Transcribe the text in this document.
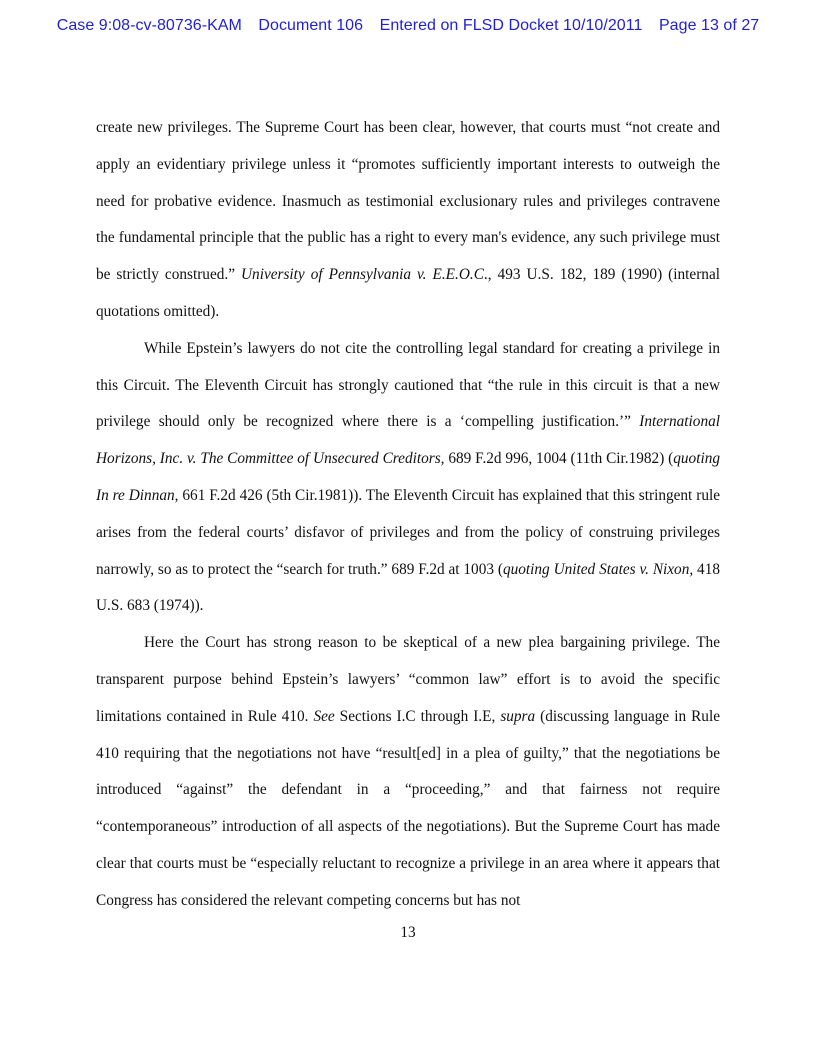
Case 9:08-cv-80736-KAM Document 106 Entered on FLSD Docket 10/10/2011 Page 13 of 27

create new privileges. The Supreme Court has been clear, however, that courts must “not create and apply an evidentiary privilege unless it “promotes sufficiently important interests to outweigh the need for probative evidence. Inasmuch as testimonial exclusionary rules and privileges contravene the fundamental principle that the public has a right to every man's evidence, any such privilege must be strictly construed.” University of Pennsylvania v. E.E.O.C., 493 U.S. 182, 189 (1990) (internal quotations omitted).

While Epstein’s lawyers do not cite the controlling legal standard for creating a privilege in this Circuit. The Eleventh Circuit has strongly cautioned that “the rule in this circuit is that a new privilege should only be recognized where there is a ‘compelling justification.’” International Horizons, Inc. v. The Committee of Unsecured Creditors, 689 F.2d 996, 1004 (11th Cir.1982) (quoting In re Dinnan, 661 F.2d 426 (5th Cir.1981)). The Eleventh Circuit has explained that this stringent rule arises from the federal courts’ disfavor of privileges and from the policy of construing privileges narrowly, so as to protect the “search for truth.” 689 F.2d at 1003 (quoting United States v. Nixon, 418 U.S. 683 (1974)).

Here the Court has strong reason to be skeptical of a new plea bargaining privilege. The transparent purpose behind Epstein’s lawyers’ “common law” effort is to avoid the specific limitations contained in Rule 410. See Sections I.C through I.E, supra (discussing language in Rule 410 requiring that the negotiations not have “result[ed] in a plea of guilty,” that the negotiations be introduced “against” the defendant in a “proceeding,” and that fairness not require “contemporaneous” introduction of all aspects of the negotiations). But the Supreme Court has made clear that courts must be “especially reluctant to recognize a privilege in an area where it appears that Congress has considered the relevant competing concerns but has not

13
